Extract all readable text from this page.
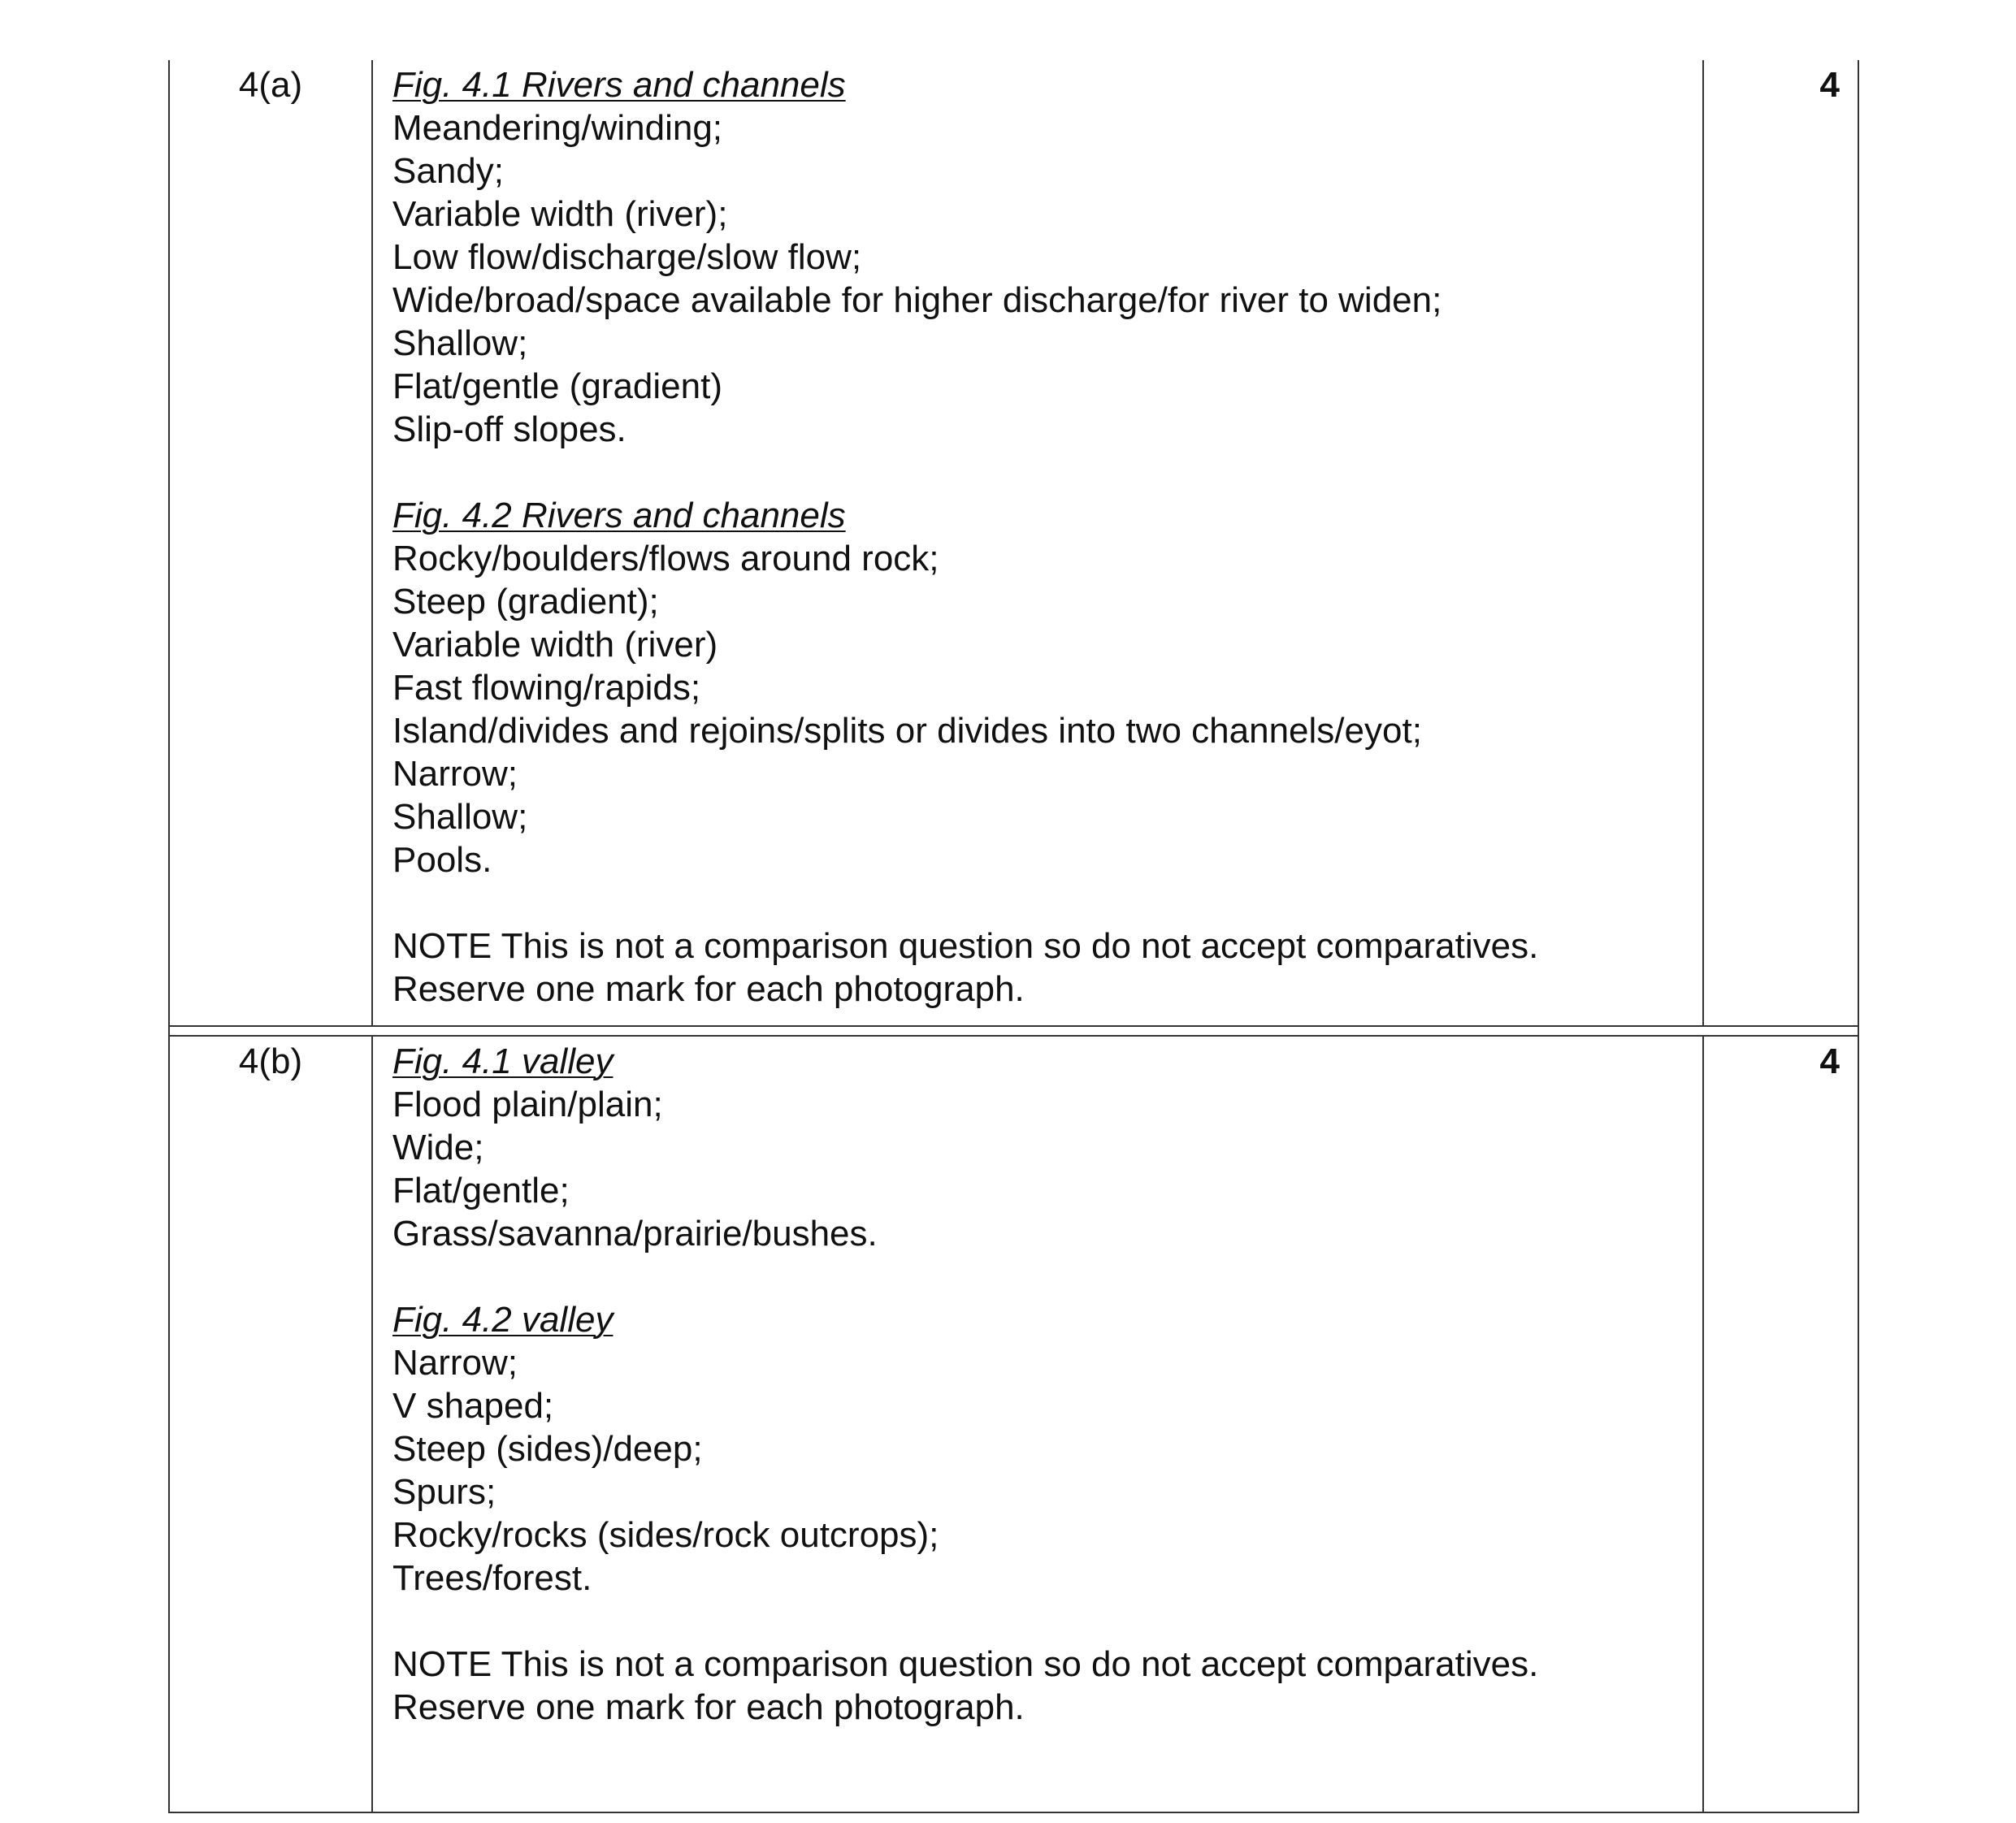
4(a)	Fig. 4.1 Rivers and channels
Meandering/winding;
Sandy;
Variable width (river);
Low flow/discharge/slow flow;
Wide/broad/space available for higher discharge/for river to widen;
Shallow;
Flat/gentle (gradient)
Slip-off slopes.
Fig. 4.2 Rivers and channels
Rocky/boulders/flows around rock;
Steep (gradient);
Variable width (river)
Fast flowing/rapids;
Island/divides and rejoins/splits or divides into two channels/eyot;
Narrow;
Shallow;
Pools.
NOTE This is not a comparison question so do not accept comparatives.
Reserve one mark for each photograph.
4
4(b)	Fig. 4.1 valley
Flood plain/plain;
Wide;
Flat/gentle;
Grass/savanna/prairie/bushes.
Fig. 4.2 valley
Narrow;
V shaped;
Steep (sides)/deep;
Spurs;
Rocky/rocks (sides/rock outcrops);
Trees/forest.
NOTE This is not a comparison question so do not accept comparatives.
Reserve one mark for each photograph.
4
